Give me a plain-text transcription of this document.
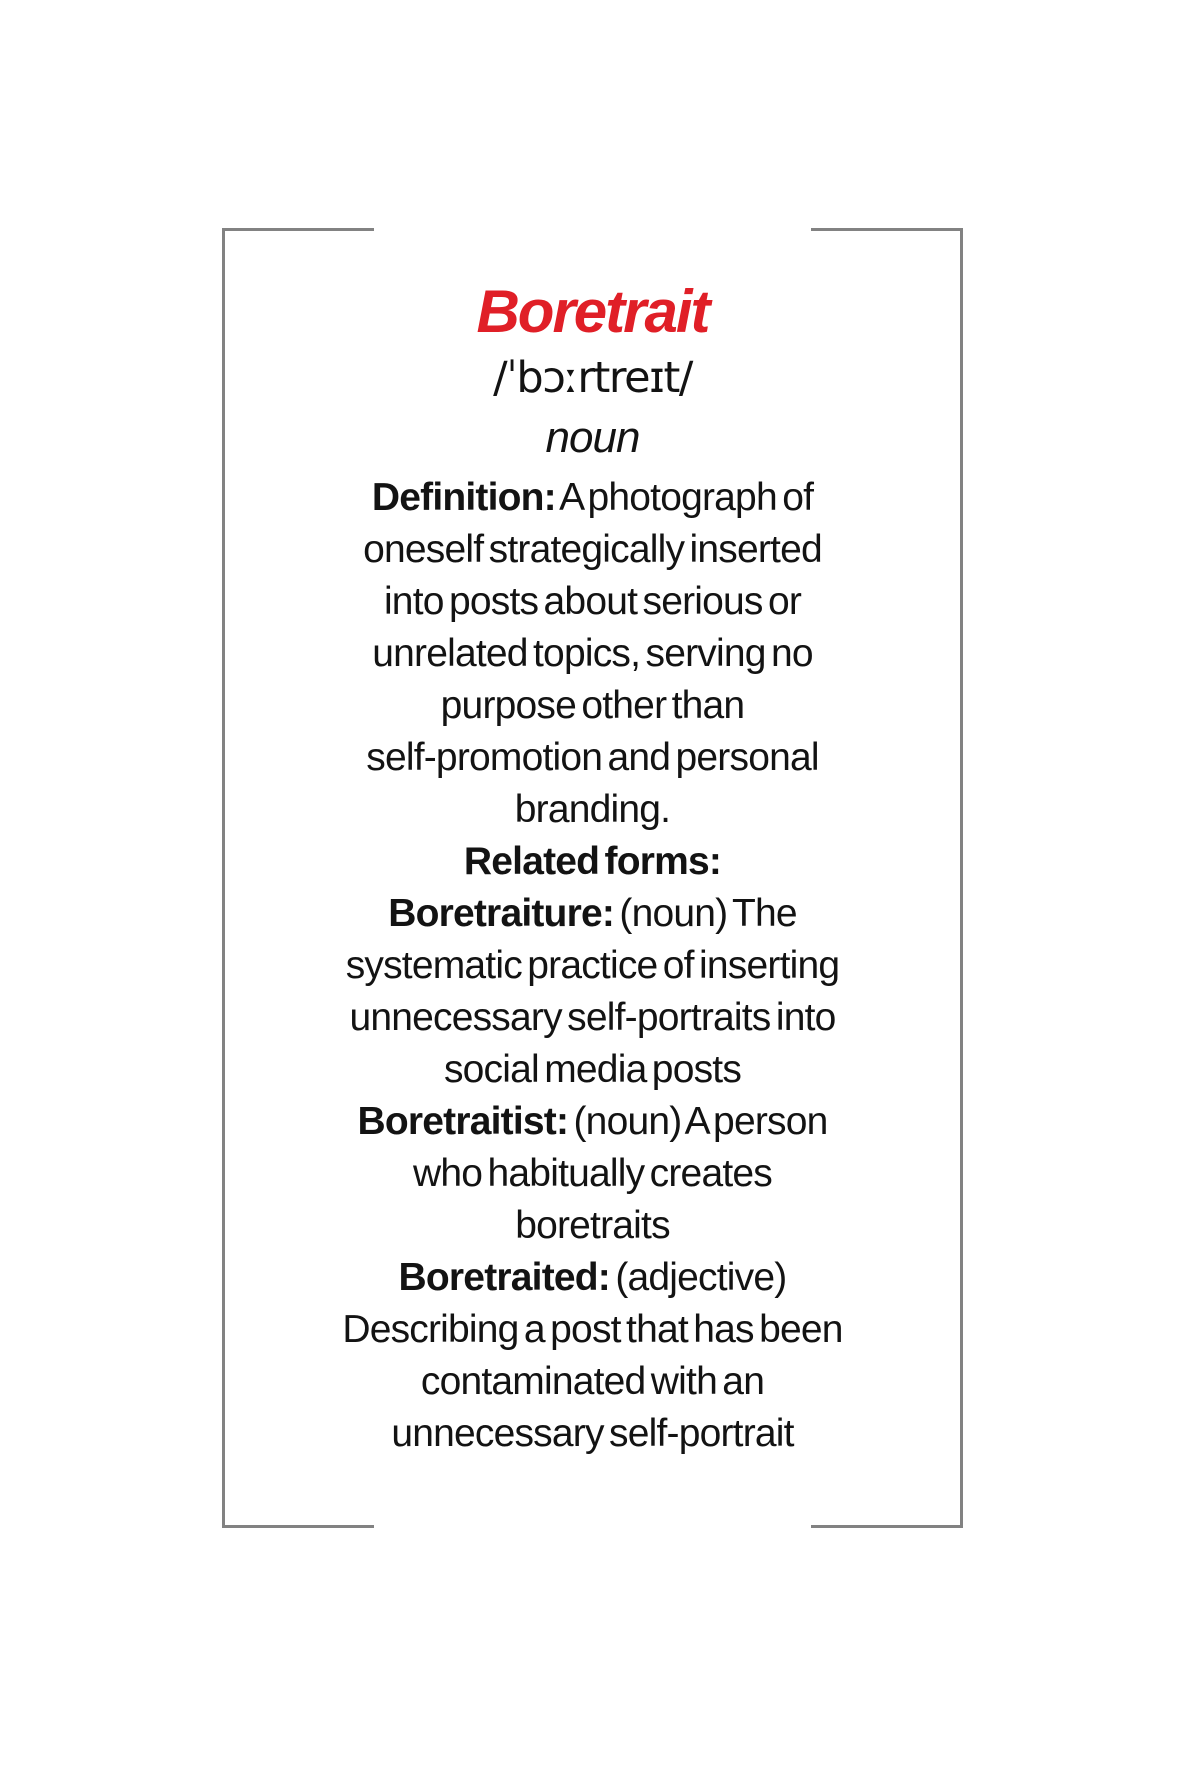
Boretrait
/ˈbɔːrtreɪt/
noun
Definition: A photograph of
oneself strategically inserted
into posts about serious or
unrelated topics, serving no
purpose other than
self-promotion and personal
branding.
Related forms:
Boretraiture: (noun) The
systematic practice of inserting
unnecessary self-portraits into
social media posts
Boretraitist: (noun) A person
who habitually creates
boretraits
Boretraited: (adjective)
Describing a post that has been
contaminated with an
unnecessary self-portrait
